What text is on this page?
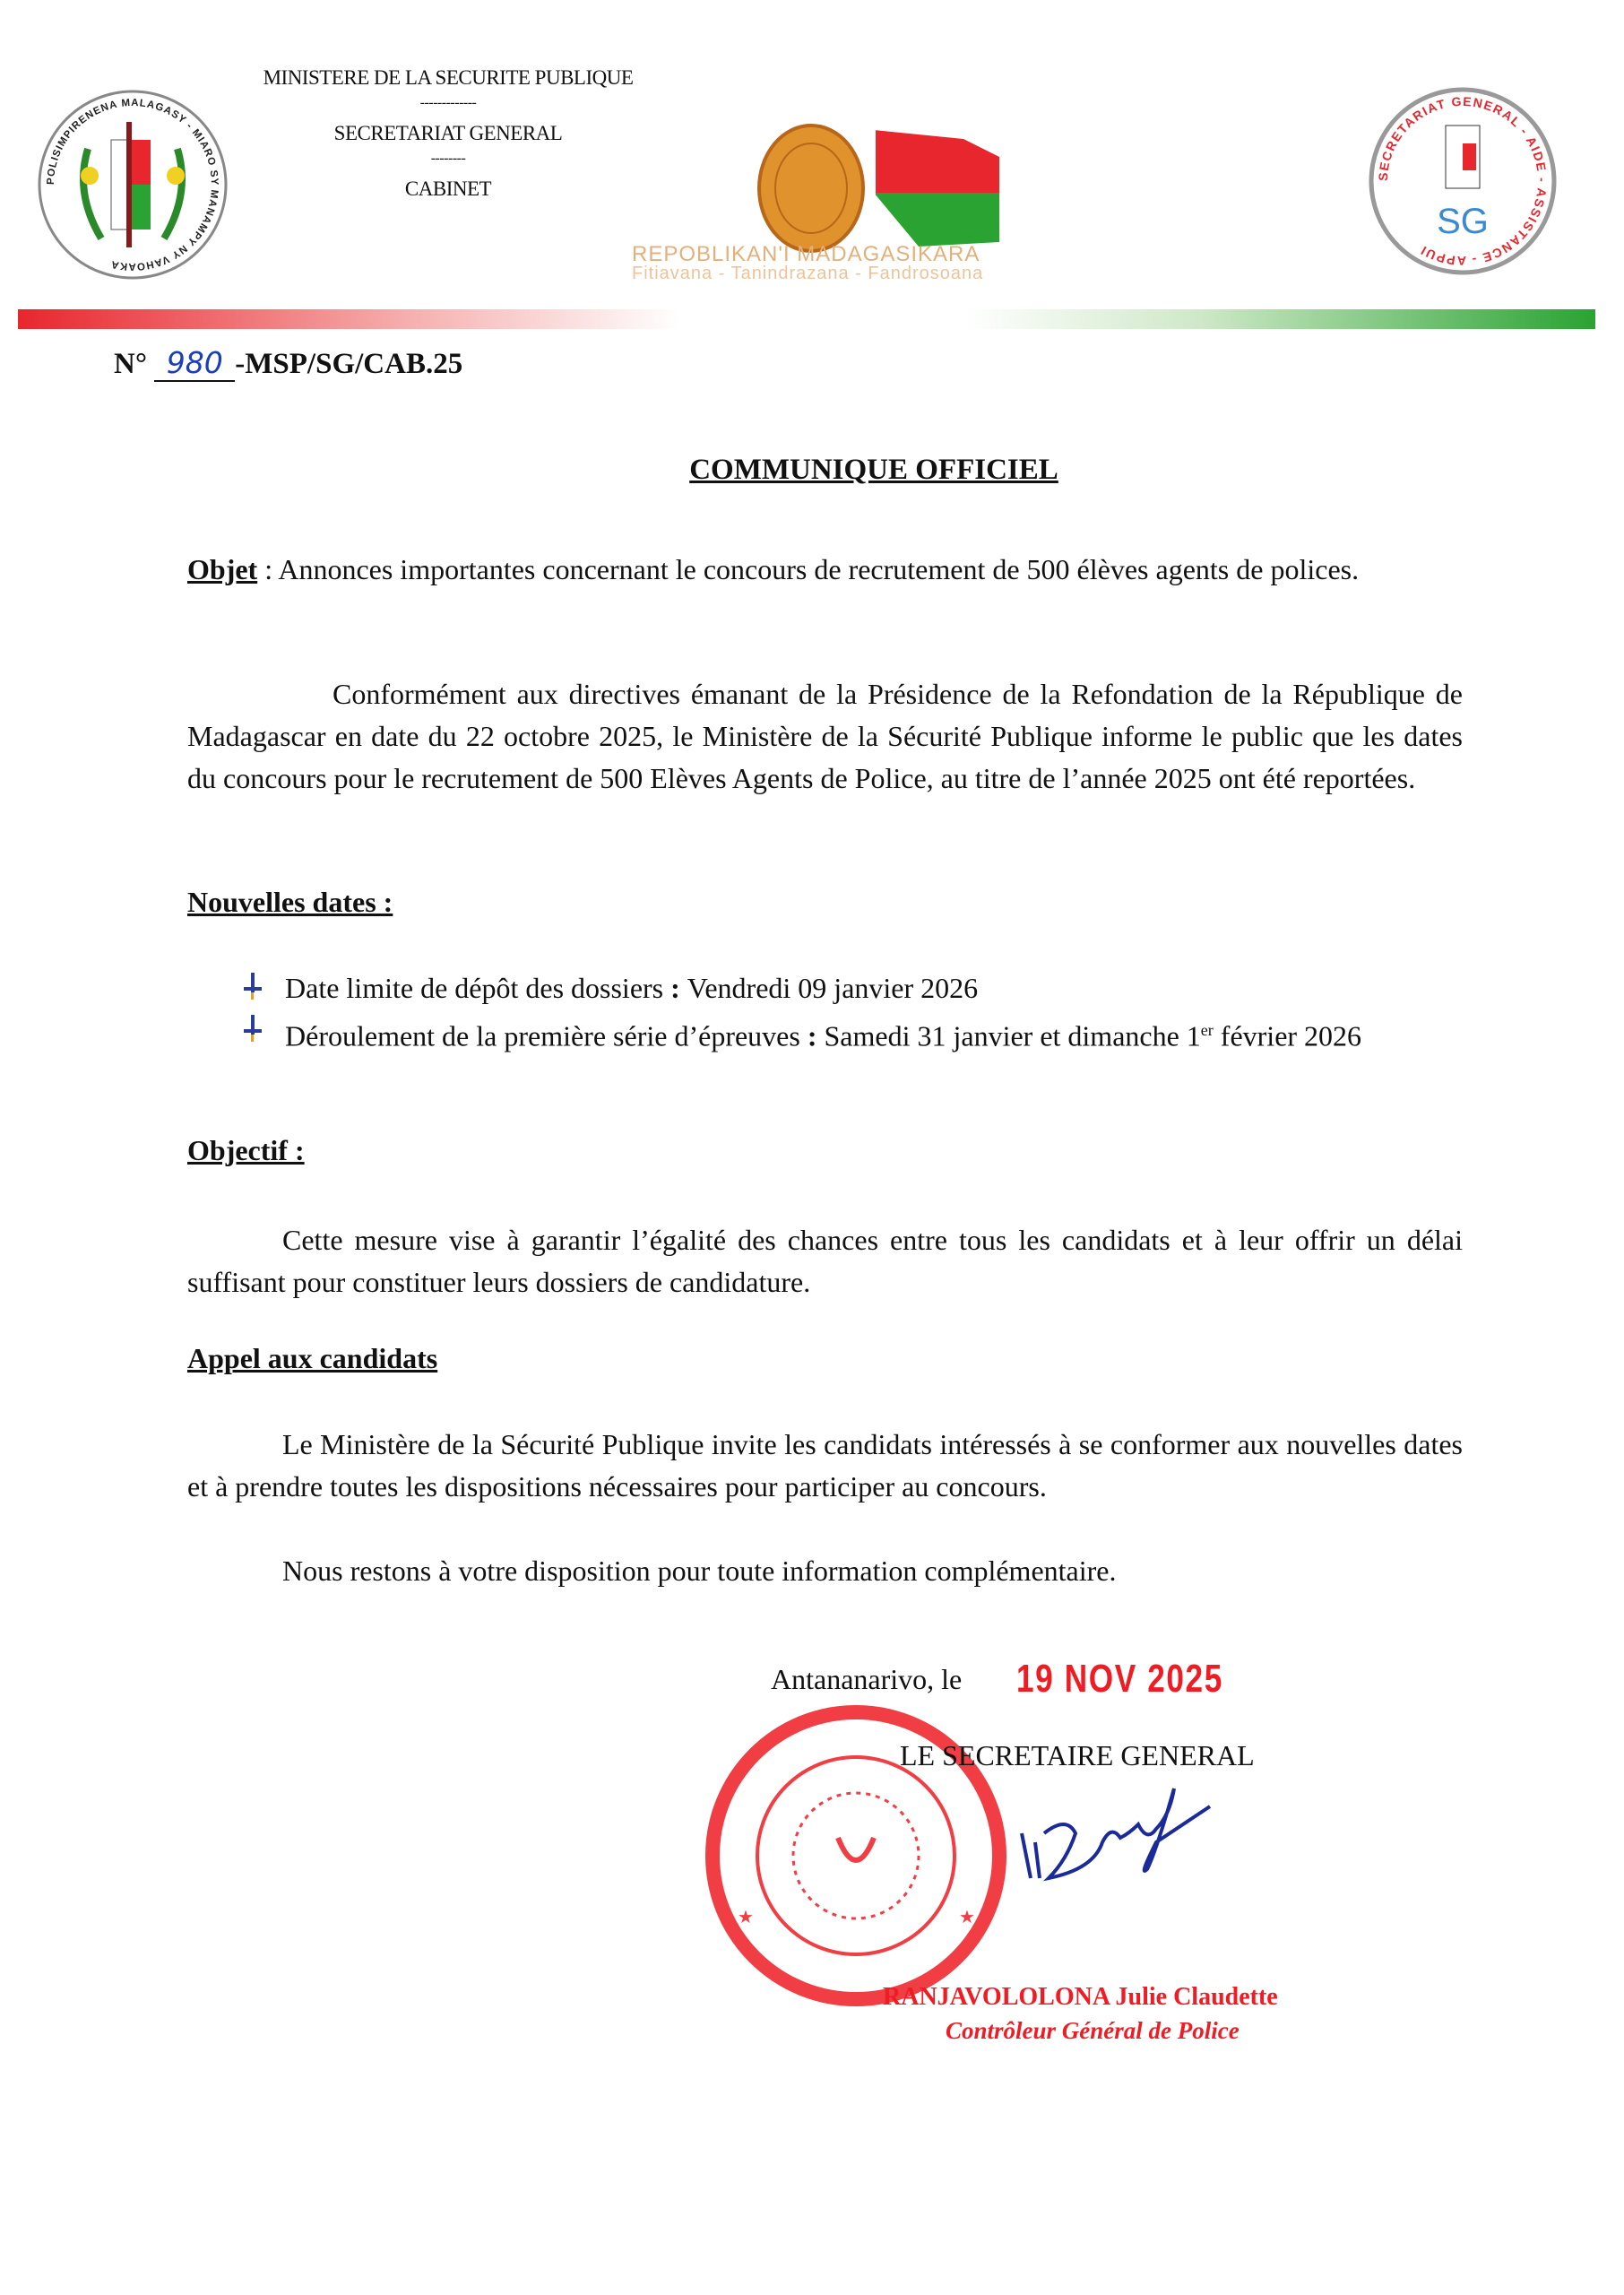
MINISTERE DE LA SECURITE PUBLIQUE
-------------
SECRETARIAT GENERAL
--------
CABINET
POLISIMPIRENENA MALAGASY - MIARO SY MANAMPY NY VAHOAKA	REPOBLIKAN'I MADAGASIKARA
Fitiavana - Tanindrazana - Fandrosoana
SECRETARIAT GENERAL - AIDE - ASSISTANCE - APPUI
SG
N° 980 -MSP/SG/CAB.25
COMMUNIQUE OFFICIEL
Objet : Annonces importantes concernant le concours de recrutement de 500 élèves agents de polices.
Conformément aux directives émanant de la Présidence de la Refondation de la République de Madagascar en date du 22 octobre 2025, le Ministère de la Sécurité Publique informe le public que les dates du concours pour le recrutement de 500 Elèves Agents de Police, au titre de l’année 2025 ont été reportées.
Nouvelles dates :
Date limite de dépôt des dossiers : Vendredi 09 janvier 2026
Déroulement de la première série d’épreuves : Samedi 31 janvier et dimanche 1er février 2026
Objectif :
Cette mesure vise à garantir l’égalité des chances entre tous les candidats et à leur offrir un délai suffisant pour constituer leurs dossiers de candidature.
Appel aux candidats
Le Ministère de la Sécurité Publique invite les candidats intéressés à se conformer aux nouvelles dates et à prendre toutes les dispositions nécessaires pour participer au concours.
Nous restons à votre disposition pour toute information complémentaire.
★	★
Antananarivo, le 19 NOV 2025
LE SECRETAIRE GENERAL
RANJAVOLOLONA Julie Claudette
Contrôleur Général de Police
